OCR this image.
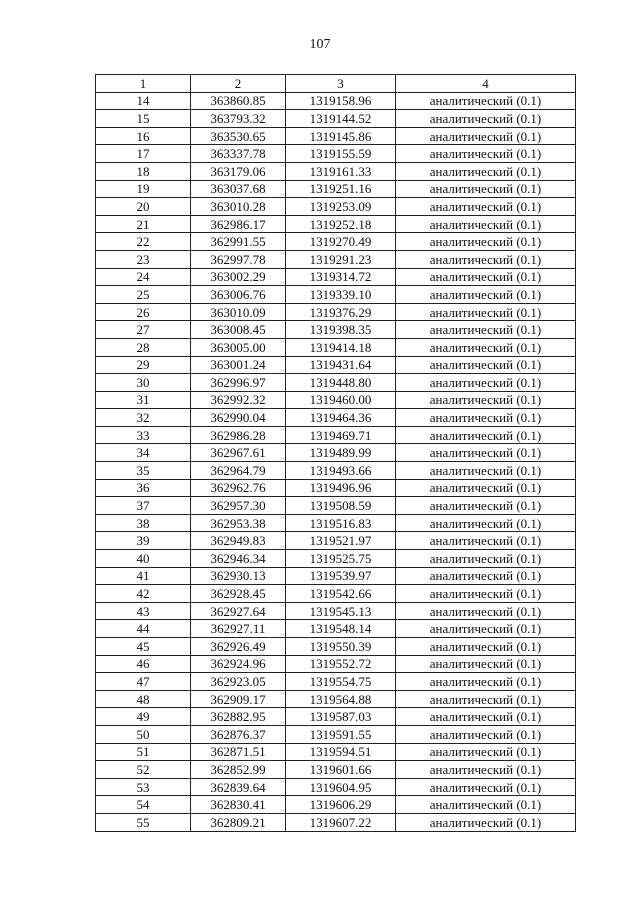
107
1	2	3	4
14	363860.85	1319158.96	аналитический (0.1)
15	363793.32	1319144.52	аналитический (0.1)
16	363530.65	1319145.86	аналитический (0.1)
17	363337.78	1319155.59	аналитический (0.1)
18	363179.06	1319161.33	аналитический (0.1)
19	363037.68	1319251.16	аналитический (0.1)
20	363010.28	1319253.09	аналитический (0.1)
21	362986.17	1319252.18	аналитический (0.1)
22	362991.55	1319270.49	аналитический (0.1)
23	362997.78	1319291.23	аналитический (0.1)
24	363002.29	1319314.72	аналитический (0.1)
25	363006.76	1319339.10	аналитический (0.1)
26	363010.09	1319376.29	аналитический (0.1)
27	363008.45	1319398.35	аналитический (0.1)
28	363005.00	1319414.18	аналитический (0.1)
29	363001.24	1319431.64	аналитический (0.1)
30	362996.97	1319448.80	аналитический (0.1)
31	362992.32	1319460.00	аналитический (0.1)
32	362990.04	1319464.36	аналитический (0.1)
33	362986.28	1319469.71	аналитический (0.1)
34	362967.61	1319489.99	аналитический (0.1)
35	362964.79	1319493.66	аналитический (0.1)
36	362962.76	1319496.96	аналитический (0.1)
37	362957.30	1319508.59	аналитический (0.1)
38	362953.38	1319516.83	аналитический (0.1)
39	362949.83	1319521.97	аналитический (0.1)
40	362946.34	1319525.75	аналитический (0.1)
41	362930.13	1319539.97	аналитический (0.1)
42	362928.45	1319542.66	аналитический (0.1)
43	362927.64	1319545.13	аналитический (0.1)
44	362927.11	1319548.14	аналитический (0.1)
45	362926.49	1319550.39	аналитический (0.1)
46	362924.96	1319552.72	аналитический (0.1)
47	362923.05	1319554.75	аналитический (0.1)
48	362909.17	1319564.88	аналитический (0.1)
49	362882.95	1319587.03	аналитический (0.1)
50	362876.37	1319591.55	аналитический (0.1)
51	362871.51	1319594.51	аналитический (0.1)
52	362852.99	1319601.66	аналитический (0.1)
53	362839.64	1319604.95	аналитический (0.1)
54	362830.41	1319606.29	аналитический (0.1)
55	362809.21	1319607.22	аналитический (0.1)
